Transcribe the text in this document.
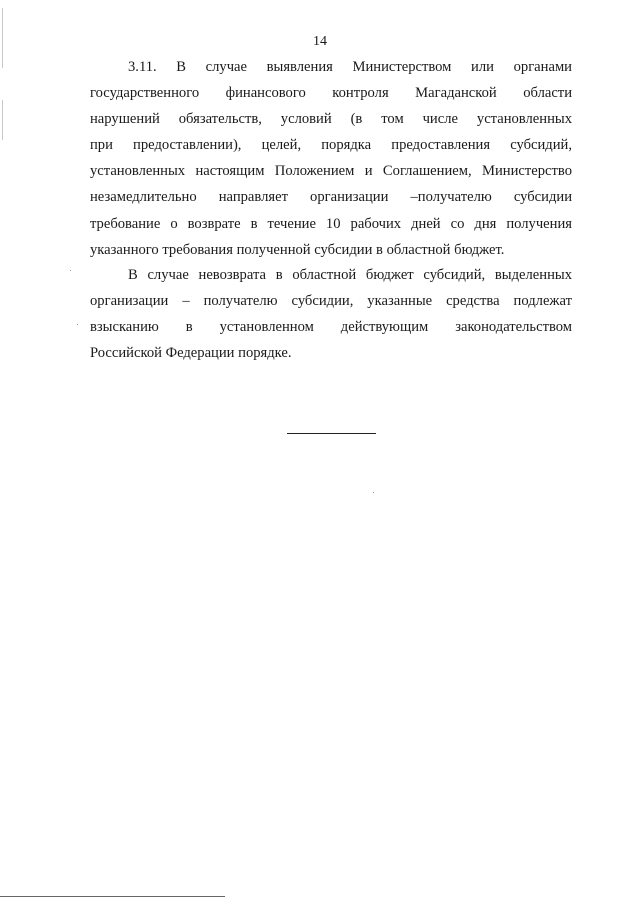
14
3.11. В случае выявления Министерством или органами
государственного финансового контроля Магаданской области
нарушений обязательств, условий (в том числе установленных
при предоставлении), целей, порядка предоставления субсидий,
установленных настоящим Положением и Соглашением, Министерство
незамедлительно направляет организации –получателю субсидии
требование о возврате в течение 10 рабочих дней со дня получения
указанного требования полученной субсидии в областной бюджет.
В случае невозврата в областной бюджет субсидий, выделенных
организации – получателю субсидии, указанные средства подлежат
взысканию в установленном действующим законодательством
Российской Федерации порядке.
